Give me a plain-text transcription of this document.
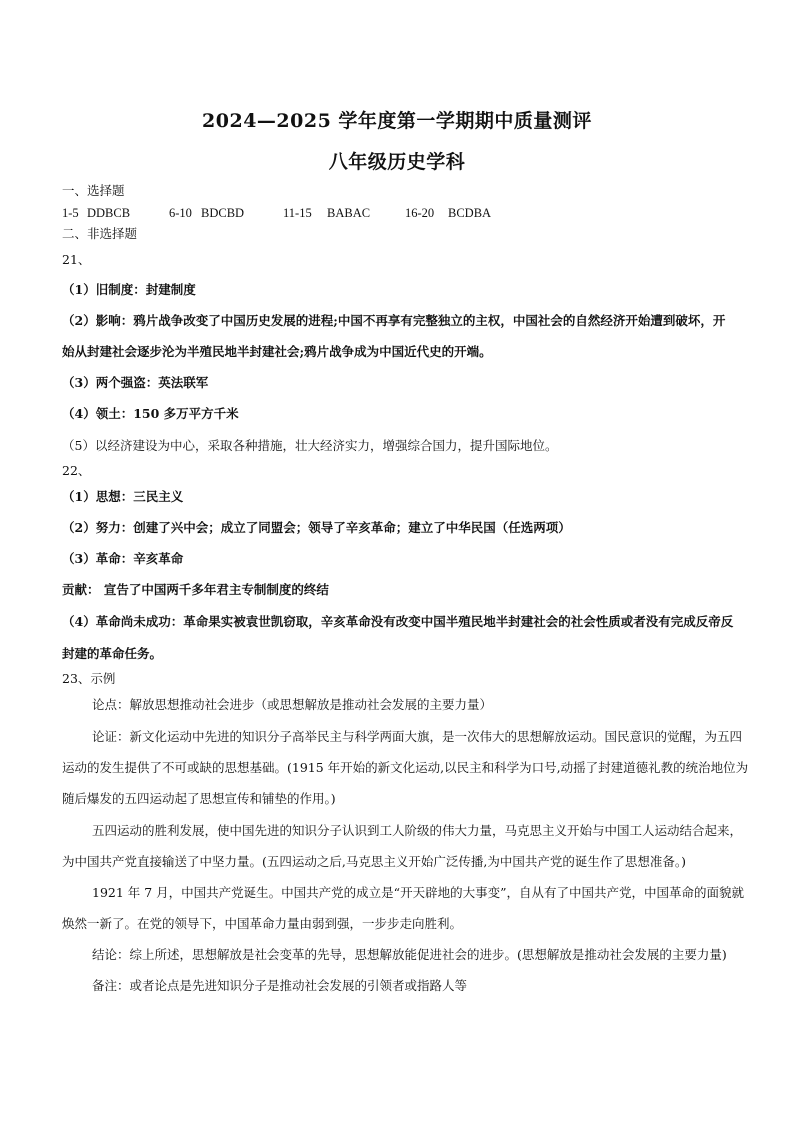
2024—2025 学年度第一学期期中质量测评
八年级历史学科
一、选择题
1-5 DDBCB	6-10 BDCBD	11-15 BABAC	16-20 BCDBA
二、非选择题
21、
（1）旧制度：封建制度
（2）影响：鸦片战争改变了中国历史发展的进程;中国不再享有完整独立的主权，中国社会的自然经济开始遭到破坏，开
始从封建社会逐步沦为半殖民地半封建社会;鸦片战争成为中国近代史的开端。
（3）两个强盗：英法联军
（4）领土：150 多万平方千米
（5）以经济建设为中心，采取各种措施，壮大经济实力，增强综合国力，提升国际地位。
22、
（1）思想：三民主义
（2）努力：创建了兴中会；成立了同盟会；领导了辛亥革命；建立了中华民国（任选两项）
（3）革命：辛亥革命
贡献： 宣告了中国两千多年君主专制制度的终结
（4）革命尚未成功：革命果实被袁世凯窃取，辛亥革命没有改变中国半殖民地半封建社会的社会性质或者没有完成反帝反
封建的革命任务。
23、示例
论点：解放思想推动社会进步（或思想解放是推动社会发展的主要力量）
论证：新文化运动中先进的知识分子高举民主与科学两面大旗，是一次伟大的思想解放运动。国民意识的觉醒，为五四
运动的发生提供了不可或缺的思想基础。(1915 年开始的新文化运动,以民主和科学为口号,动摇了封建道德礼教的统治地位为
随后爆发的五四运动起了思想宣传和铺垫的作用。)
五四运动的胜利发展，使中国先进的知识分子认识到工人阶级的伟大力量，马克思主义开始与中国工人运动结合起来，
为中国共产党直接输送了中坚力量。(五四运动之后,马克思主义开始广泛传播,为中国共产党的诞生作了思想准备。)
1921 年 7 月，中国共产党诞生。中国共产党的成立是“开天辟地的大事变”，自从有了中国共产党，中国革命的面貌就
焕然一新了。在党的领导下，中国革命力量由弱到强，一步步走向胜利。
结论：综上所述，思想解放是社会变革的先导，思想解放能促进社会的进步。(思想解放是推动社会发展的主要力量)
备注：或者论点是先进知识分子是推动社会发展的引领者或指路人等
